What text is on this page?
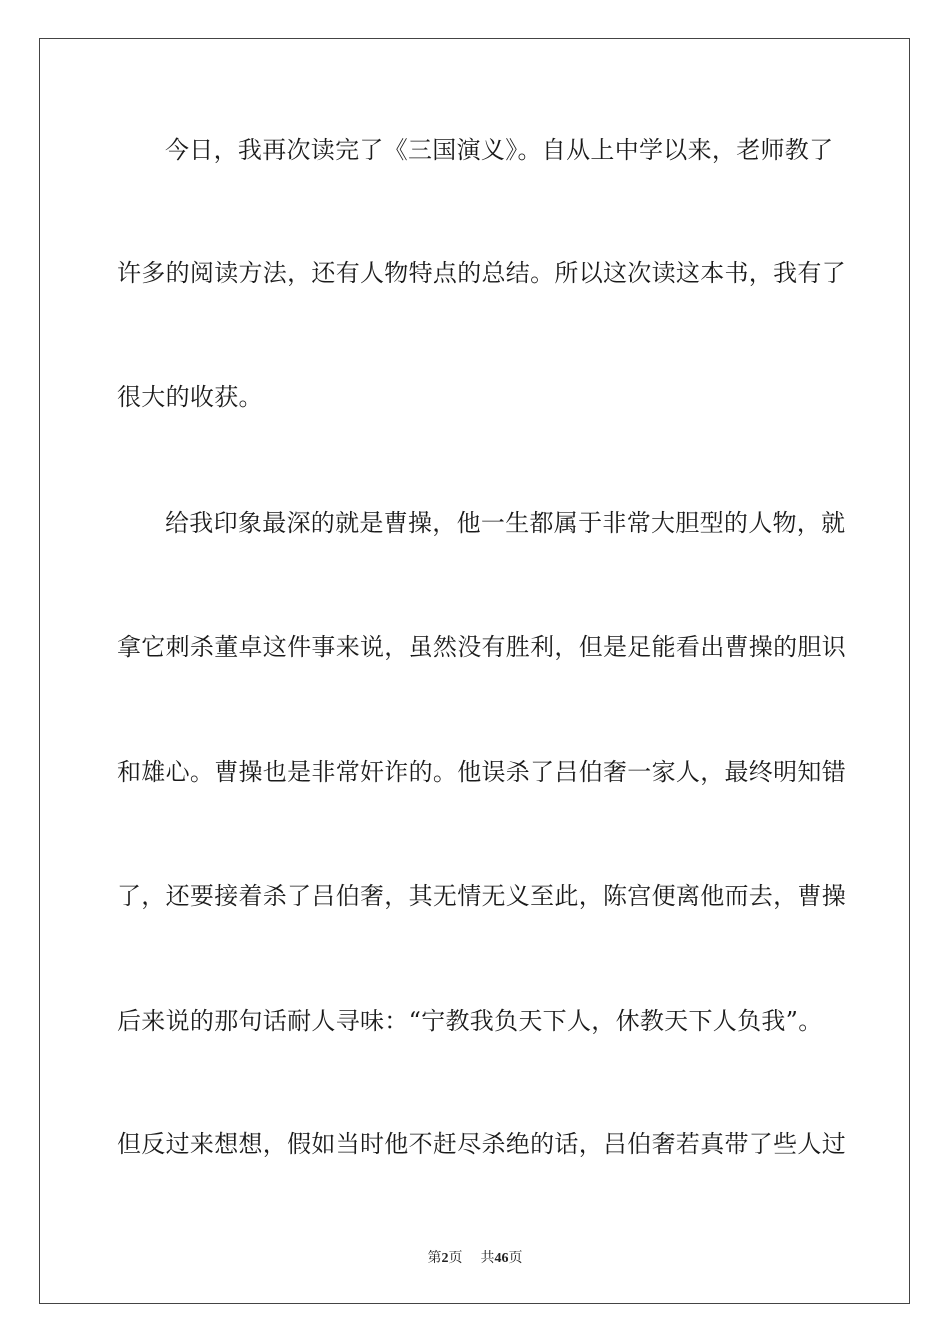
今日，我再次读完了《三国演义》。自从上中学以来，老师教了
许多的阅读方法，还有人物特点的总结。所以这次读这本书，我有了
很大的收获。
给我印象最深的就是曹操，他一生都属于非常大胆型的人物，就
拿它刺杀董卓这件事来说，虽然没有胜利，但是足能看出曹操的胆识
和雄心。曹操也是非常奸诈的。他误杀了吕伯奢一家人，最终明知错
了，还要接着杀了吕伯奢，其无情无义至此，陈宫便离他而去，曹操
后来说的那句话耐人寻味：“宁教我负天下人，休教天下人负我”。
但反过来想想，假如当时他不赶尽杀绝的话，吕伯奢若真带了些人过
第2页 共46页
